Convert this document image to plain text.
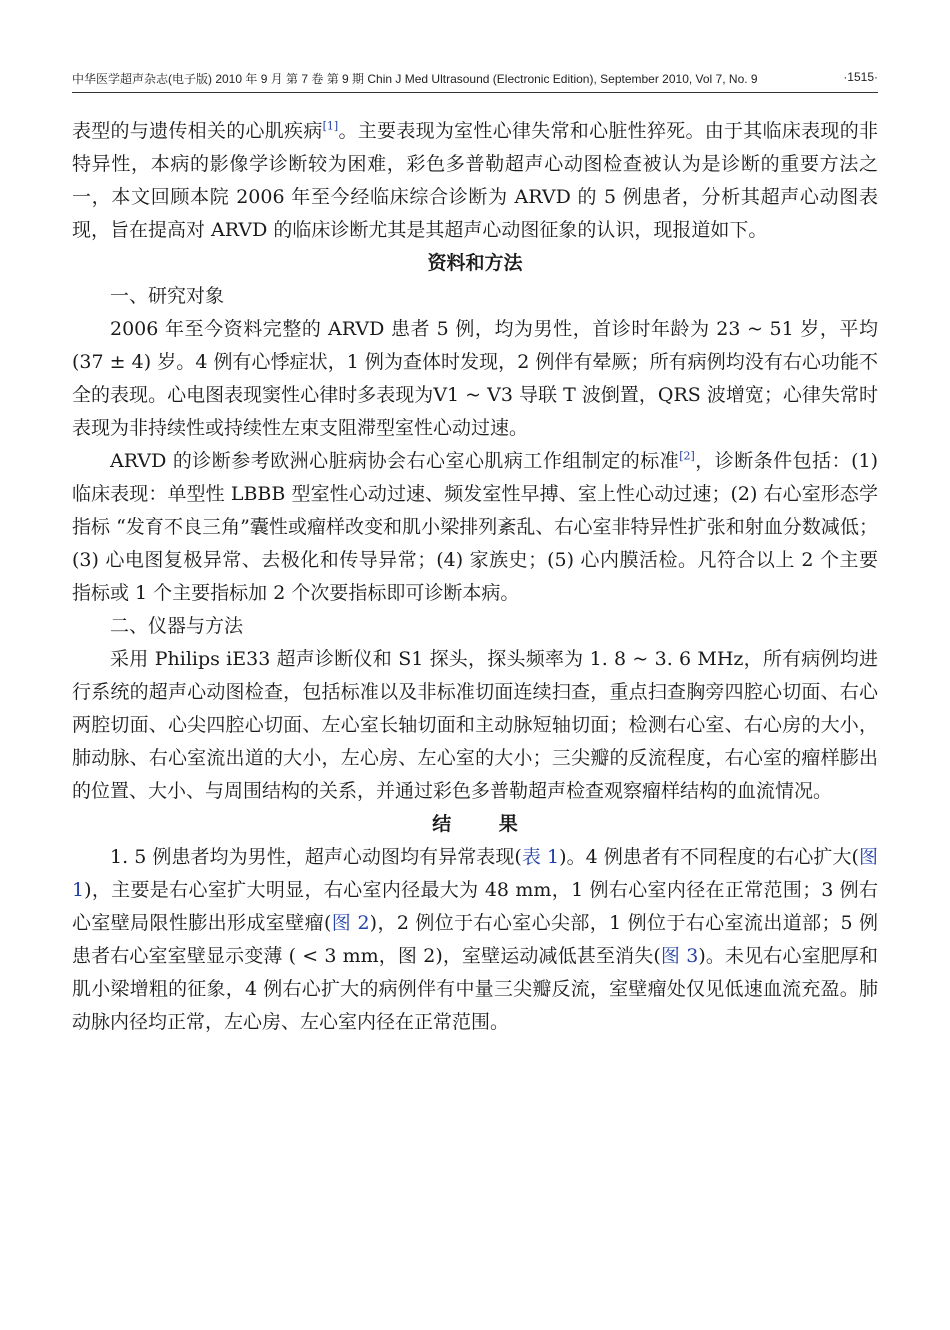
中华医学超声杂志(电子版) 2010 年 9 月 第 7 卷 第 9 期 Chin J Med Ultrasound (Electronic Edition), September 2010, Vol 7, No. 9	·1515·

表型的与遗传相关的心肌疾病[1]。主要表现为室性心律失常和心脏性猝死。由于其临床表现的非特异性，本病的影像学诊断较为困难，彩色多普勒超声心动图检查被认为是诊断的重要方法之一，本文回顾本院 2006 年至今经临床综合诊断为 ARVD 的 5 例患者，分析其超声心动图表现，旨在提高对 ARVD 的临床诊断尤其是其超声心动图征象的认识，现报道如下。

资料和方法

一、研究对象

2006 年至今资料完整的 ARVD 患者 5 例，均为男性，首诊时年龄为 23 ~ 51 岁，平均(37 ± 4) 岁。4 例有心悸症状，1 例为查体时发现，2 例伴有晕厥；所有病例均没有右心功能不全的表现。心电图表现窦性心律时多表现为V1 ~ V3 导联 T 波倒置，QRS 波增宽；心律失常时表现为非持续性或持续性左束支阻滞型室性心动过速。

ARVD 的诊断参考欧洲心脏病协会右心室心肌病工作组制定的标准[2]，诊断条件包括：(1) 临床表现：单型性 LBBB 型室性心动过速、频发室性早搏、室上性心动过速；(2) 右心室形态学指标 “发育不良三角”囊性或瘤样改变和肌小梁排列紊乱、右心室非特异性扩张和射血分数减低；(3) 心电图复极异常、去极化和传导异常；(4) 家族史；(5) 心内膜活检。凡符合以上 2 个主要指标或 1 个主要指标加 2 个次要指标即可诊断本病。

二、仪器与方法

采用 Philips iE33 超声诊断仪和 S1 探头，探头频率为 1. 8 ~ 3. 6 MHz，所有病例均进行系统的超声心动图检查，包括标准以及非标准切面连续扫查，重点扫查胸旁四腔心切面、右心两腔切面、心尖四腔心切面、左心室长轴切面和主动脉短轴切面；检测右心室、右心房的大小，肺动脉、右心室流出道的大小，左心房、左心室的大小；三尖瓣的反流程度，右心室的瘤样膨出的位置、大小、与周围结构的关系，并通过彩色多普勒超声检查观察瘤样结构的血流情况。

结果

1. 5 例患者均为男性，超声心动图均有异常表现(表 1)。4 例患者有不同程度的右心扩大(图 1)，主要是右心室扩大明显，右心室内径最大为 48 mm，1 例右心室内径在正常范围；3 例右心室壁局限性膨出形成室壁瘤(图 2)，2 例位于右心室心尖部，1 例位于右心室流出道部；5 例患者右心室室壁显示变薄 ( < 3 mm，图 2)，室壁运动减低甚至消失(图 3)。未见右心室肥厚和肌小梁增粗的征象，4 例右心扩大的病例伴有中量三尖瓣反流，室壁瘤处仅见低速血流充盈。肺动脉内径均正常，左心房、左心室内径在正常范围。
